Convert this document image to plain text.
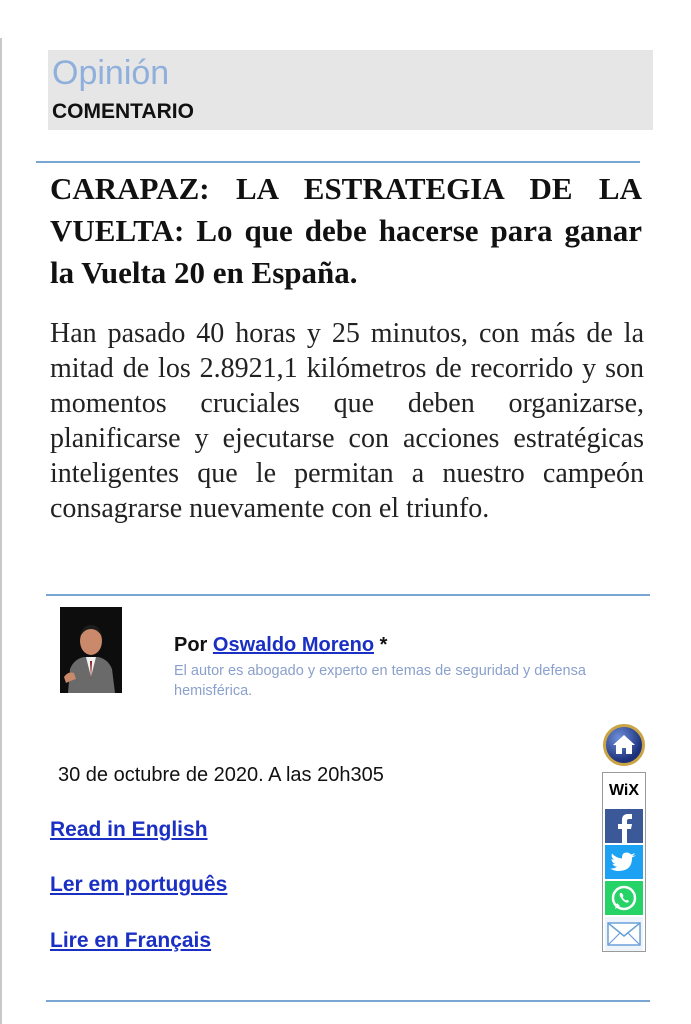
Opinión
COMENTARIO
CARAPAZ: LA ESTRATEGIA DE LA VUELTA: Lo que debe hacerse para ganar la Vuelta 20 en España.

Han pasado 40 horas y 25 minutos, con más de la mitad de los 2.8921,1 kilómetros de recorrido y son momentos cruciales que deben organizarse, planificarse y ejecutarse con acciones estratégicas inteligentes que le permitan a nuestro campeón consagrarse nuevamente con el triunfo.

Por Oswaldo Moreno *
El autor es abogado y experto en temas de seguridad y defensa hemisférica.
30 de octubre de 2020. A las 20h305
Read in English
Ler em português
Lire en Français
WiX
